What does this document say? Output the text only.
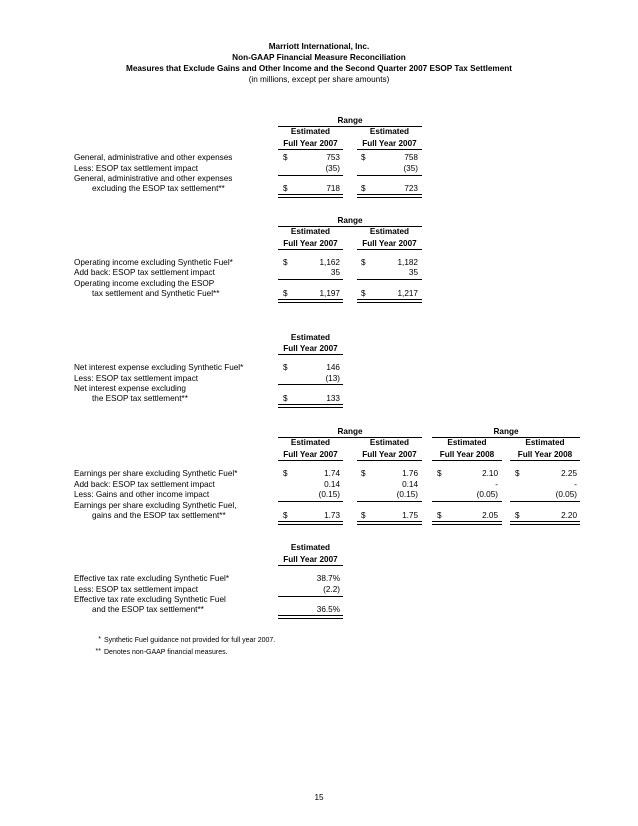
Marriott International, Inc.
Non-GAAP Financial Measure Reconciliation
Measures that Exclude Gains and Other Income and the Second Quarter 2007 ESOP Tax Settlement
(in millions, except per share amounts)
Range
Estimated	Estimated
Full Year 2007	Full Year 2007
General, administrative and other expenses	$	753	$	758
Less: ESOP tax settlement impact	(35)	(35)
General, administrative and other expenses
excluding the ESOP tax settlement**	$	718	$	723
Range
Estimated	Estimated
Full Year 2007	Full Year 2007
Operating income excluding Synthetic Fuel*	$	1,162	$	1,182
Add back: ESOP tax settlement impact	35	35
Operating income excluding the ESOP
tax settlement and Synthetic Fuel**	$	1,197	$	1,217
Estimated
Full Year 2007
Net interest expense excluding Synthetic Fuel*	$	146
Less: ESOP tax settlement impact	(13)
Net interest expense excluding
the ESOP tax settlement**	$	133
Range	Range
Estimated	Estimated	Estimated	Estimated
Full Year 2007	Full Year 2007	Full Year 2008	Full Year 2008
Earnings per share excluding Synthetic Fuel*	$	1.74	$	1.76 $	2.10 $	2.25
Add back: ESOP tax settlement impact	0.14	0.14	-	-
Less: Gains and other income impact	(0.15)	(0.15)	(0.05)	(0.05)
Earnings per share excluding Synthetic Fuel,
gains and the ESOP tax settlement**	$	1.73	$	1.75 $	2.05 $	2.20
Estimated
Full Year 2007
Effective tax rate excluding Synthetic Fuel*	38.7%
Less: ESOP tax settlement impact	(2.2)
Effective tax rate excluding Synthetic Fuel
and the ESOP tax settlement**	36.5%
* Synthetic Fuel guidance not provided for full year 2007.
** Denotes non-GAAP financial measures.
15
